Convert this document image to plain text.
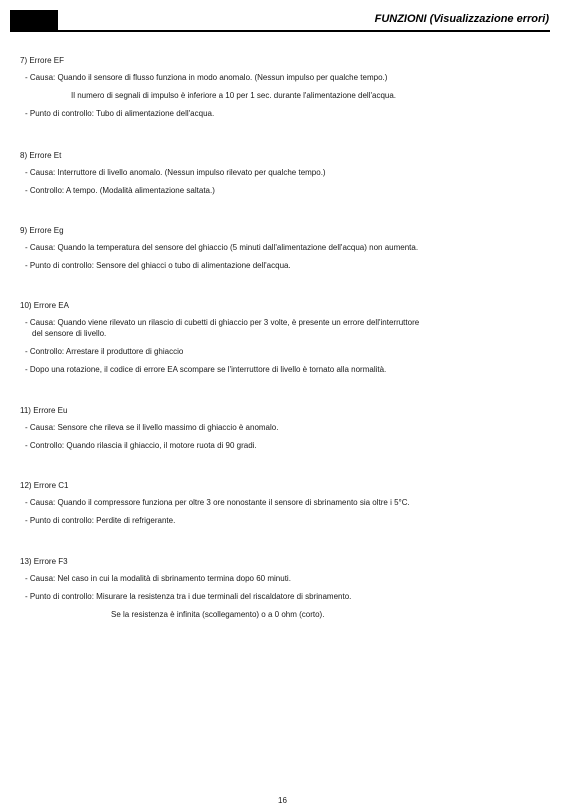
FUNZIONI (Visualizzazione errori)

7) Errore EF

- Causa: Quando il sensore di flusso funziona in modo anomalo. (Nessun impulso per qualche tempo.)

Il numero di segnali di impulso è inferiore a 10 per 1 sec. durante l'alimentazione dell'acqua.

- Punto di controllo: Tubo di alimentazione dell'acqua.

8) Errore Et

- Causa: Interruttore di livello anomalo. (Nessun impulso rilevato per qualche tempo.)

- Controllo: A tempo. (Modalità alimentazione saltata.)

9) Errore Eg

- Causa: Quando la temperatura del sensore del ghiaccio (5 minuti dall'alimentazione dell'acqua) non aumenta.

- Punto di controllo: Sensore del ghiacci o tubo di alimentazione dell'acqua.

10) Errore EA

- Causa: Quando viene rilevato un rilascio di cubetti di ghiaccio per 3 volte, è presente un errore dell'interruttore

del sensore di livello.

- Controllo: Arrestare il produttore di ghiaccio

- Dopo una rotazione, il codice di errore EA scompare se l'interruttore di livello è tornato alla normalità.

11) Errore Eu

- Causa: Sensore che rileva se il livello massimo di ghiaccio è anomalo.

- Controllo: Quando rilascia il ghiaccio, il motore ruota di 90 gradi.

12) Errore C1

- Causa: Quando il compressore funziona per oltre 3 ore nonostante il sensore di sbrinamento sia oltre i 5°C.

- Punto di controllo: Perdite di refrigerante.

13) Errore F3

- Causa: Nel caso in cui la modalità di sbrinamento termina dopo 60 minuti.

- Punto di controllo: Misurare la resistenza tra i due terminali del riscaldatore di sbrinamento.

Se la resistenza è infinita (scollegamento) o a 0 ohm (corto).

16
